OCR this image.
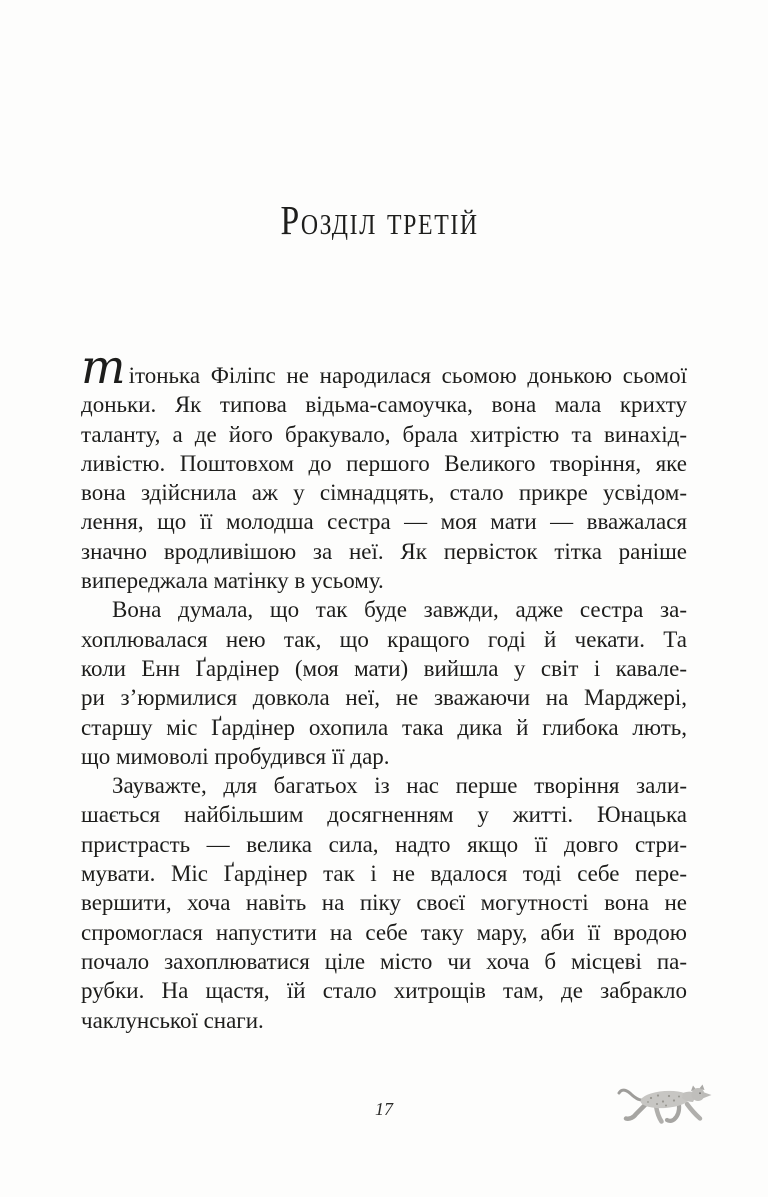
Розділ третій
тітонька Філіпс не народилася сьомою донькою сьомої
доньки. Як типова відьма-самоучка, вона мала крихту
таланту, а де його бракувало, брала хитрістю та винахід-
ливістю. Поштовхом до першого Великого творіння, яке
вона здійснила аж у сімнадцять, стало прикре усвідом-
лення, що її молодша сестра — моя мати — вважалася
значно вродливішою за неї. Як первісток тітка раніше
випереджала матінку в усьому.
Вона думала, що так буде завжди, адже сестра за-
хоплювалася нею так, що кращого годі й чекати. Та
коли Енн Ґардінер (моя мати) вийшла у світ і кавале-
ри з’юрмилися довкола неї, не зважаючи на Марджері,
старшу міс Ґардінер охопила така дика й глибока лють,
що мимоволі пробудився її дар.
Зауважте, для багатьох із нас перше творіння зали-
шається найбільшим досягненням у житті. Юнацька
пристрасть — велика сила, надто якщо її довго стри-
мувати. Міс Ґардінер так і не вдалося тоді себе пере-
вершити, хоча навіть на піку своєї могутності вона не
спромоглася напустити на себе таку мару, аби її вродою
почало захоплюватися ціле місто чи хоча б місцеві па-
рубки. На щастя, їй стало хитрощів там, де забракло
чаклунської снаги.
17
